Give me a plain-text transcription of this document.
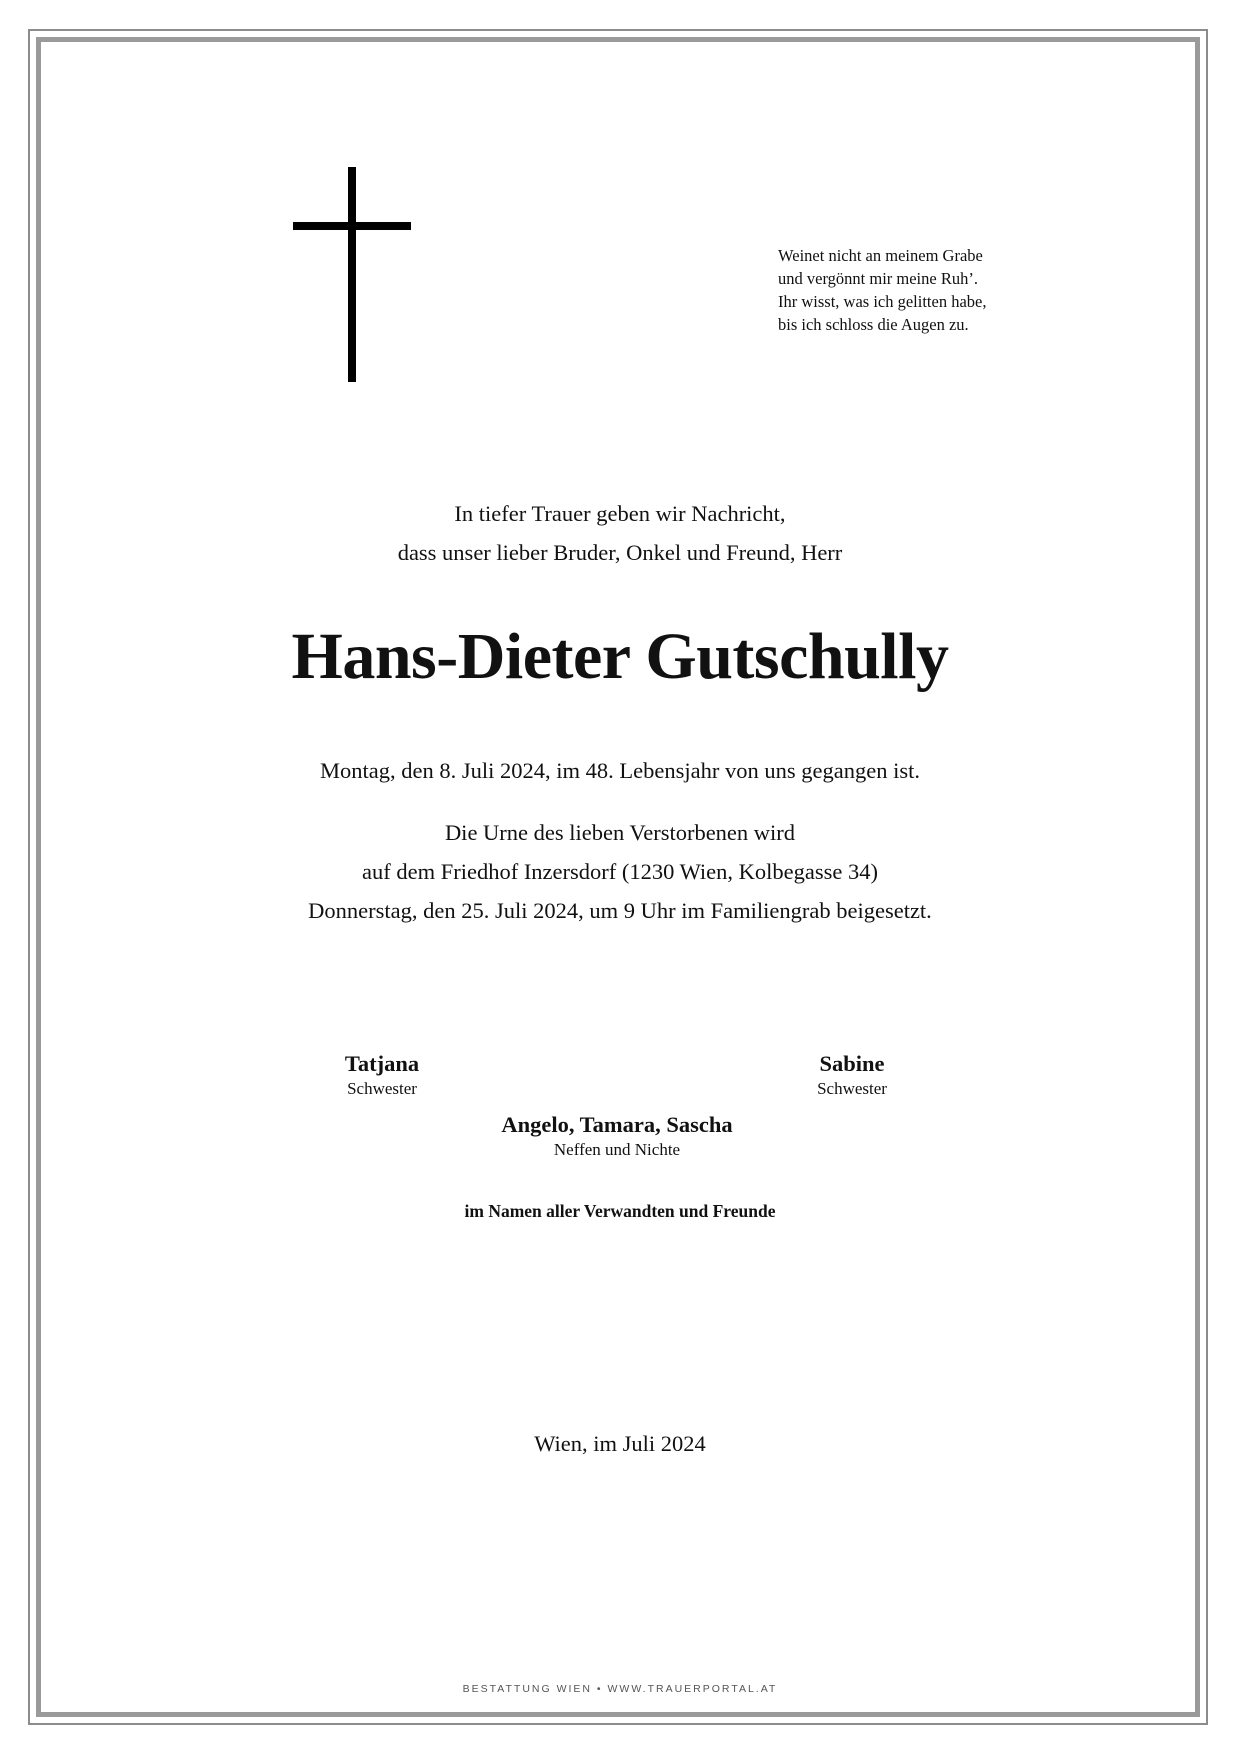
Weinet nicht an meinem Grabe
und vergönnt mir meine Ruh’.
Ihr wisst, was ich gelitten habe,
bis ich schloss die Augen zu.
In tiefer Trauer geben wir Nachricht,
dass unser lieber Bruder, Onkel und Freund, Herr
Hans-Dieter Gutschully
Montag, den 8. Juli 2024, im 48. Lebensjahr von uns gegangen ist.
Die Urne des lieben Verstorbenen wird
auf dem Friedhof Inzersdorf (1230 Wien, Kolbegasse 34)
Donnerstag, den 25. Juli 2024, um 9 Uhr im Familiengrab beigesetzt.
Tatjana
Schwester
Sabine
Schwester
Angelo, Tamara, Sascha
Neffen und Nichte
im Namen aller Verwandten und Freunde
Wien, im Juli 2024
BESTATTUNG WIEN • WWW.TRAUERPORTAL.AT
